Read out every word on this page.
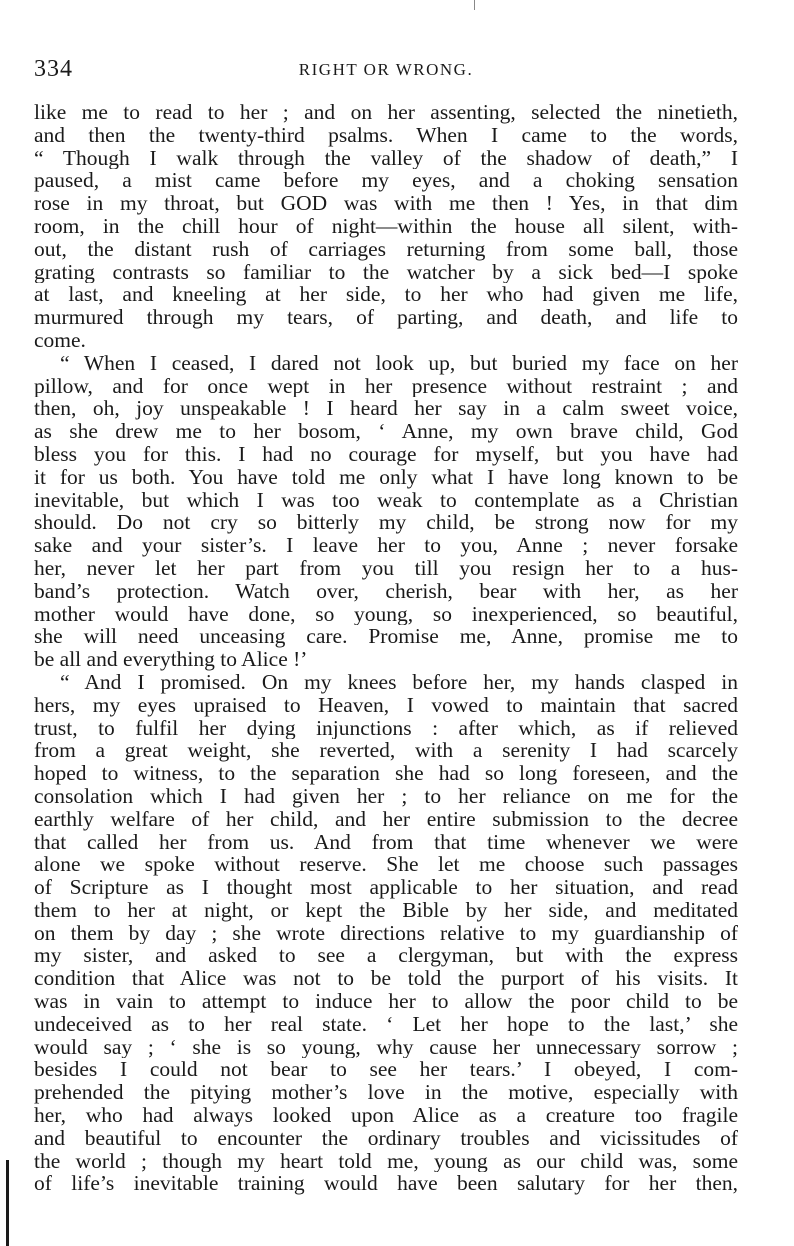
334	RIGHT OR WRONG.
like me to read to her ; and on her assenting, selected the ninetieth,
and then the twenty-third psalms. When I came to the words,
“ Though I walk through the valley of the shadow of death,” I
paused, a mist came before my eyes, and a choking sensation
rose in my throat, but GOD was with me then ! Yes, in that dim
room, in the chill hour of night—within the house all silent, with-
out, the distant rush of carriages returning from some ball, those
grating contrasts so familiar to the watcher by a sick bed—I spoke
at last, and kneeling at her side, to her who had given me life,
murmured through my tears, of parting, and death, and life to
come.
“ When I ceased, I dared not look up, but buried my face on her
pillow, and for once wept in her presence without restraint ; and
then, oh, joy unspeakable ! I heard her say in a calm sweet voice,
as she drew me to her bosom, ‘ Anne, my own brave child, God
bless you for this. I had no courage for myself, but you have had
it for us both. You have told me only what I have long known to be
inevitable, but which I was too weak to contemplate as a Christian
should. Do not cry so bitterly my child, be strong now for my
sake and your sister’s. I leave her to you, Anne ; never forsake
her, never let her part from you till you resign her to a hus-
band’s protection. Watch over, cherish, bear with her, as her
mother would have done, so young, so inexperienced, so beautiful,
she will need unceasing care. Promise me, Anne, promise me to
be all and everything to Alice !’
“ And I promised. On my knees before her, my hands clasped in
hers, my eyes upraised to Heaven, I vowed to maintain that sacred
trust, to fulfil her dying injunctions : after which, as if relieved
from a great weight, she reverted, with a serenity I had scarcely
hoped to witness, to the separation she had so long foreseen, and the
consolation which I had given her ; to her reliance on me for the
earthly welfare of her child, and her entire submission to the decree
that called her from us. And from that time whenever we were
alone we spoke without reserve. She let me choose such passages
of Scripture as I thought most applicable to her situation, and read
them to her at night, or kept the Bible by her side, and meditated
on them by day ; she wrote directions relative to my guardianship of
my sister, and asked to see a clergyman, but with the express
condition that Alice was not to be told the purport of his visits. It
was in vain to attempt to induce her to allow the poor child to be
undeceived as to her real state. ‘ Let her hope to the last,’ she
would say ; ‘ she is so young, why cause her unnecessary sorrow ;
besides I could not bear to see her tears.’ I obeyed, I com-
prehended the pitying mother’s love in the motive, especially with
her, who had always looked upon Alice as a creature too fragile
and beautiful to encounter the ordinary troubles and vicissitudes of
the world ; though my heart told me, young as our child was, some
of life’s inevitable training would have been salutary for her then,
